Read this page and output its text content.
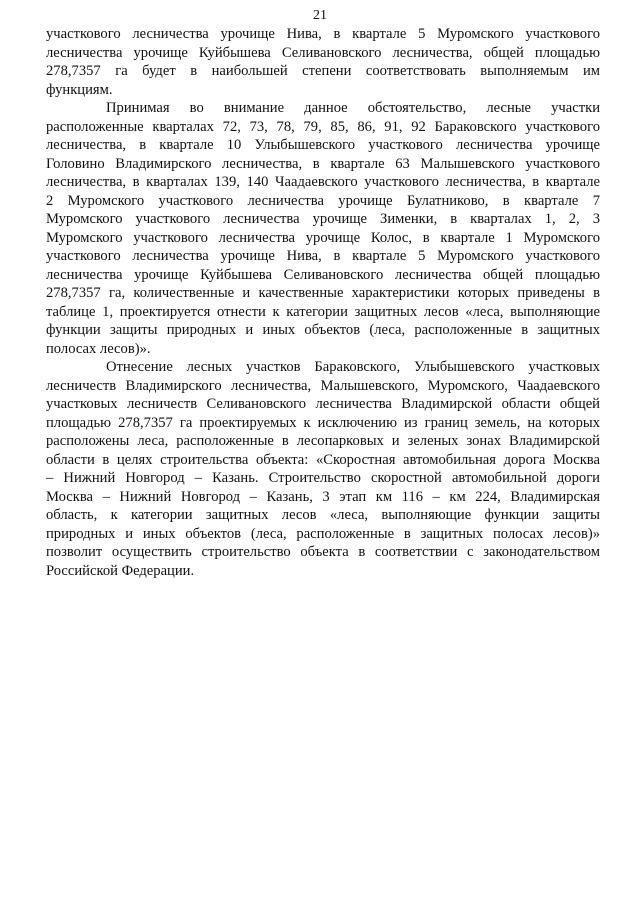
21
участкового лесничества урочище Нива, в квартале 5 Муромского участкового
лесничества урочище Куйбышева Селивановского лесничества, общей площадью
278,7357 га будет в наибольшей степени соответствовать выполняемым им
функциям.
Принимая во внимание данное обстоятельство, лесные участки
расположенные кварталах 72, 73, 78, 79, 85, 86, 91, 92 Бараковского участкового
лесничества, в квартале 10 Улыбышевского участкового лесничества урочище
Головино Владимирского лесничества, в квартале 63 Малышевского участкового
лесничества, в кварталах 139, 140 Чаадаевского участкового лесничества, в квартале
2 Муромского участкового лесничества урочище Булатниково, в квартале 7
Муромского участкового лесничества урочище Зименки, в кварталах 1, 2, 3
Муромского участкового лесничества урочище Колос, в квартале 1 Муромского
участкового лесничества урочище Нива, в квартале 5 Муромского участкового
лесничества урочище Куйбышева Селивановского лесничества общей площадью
278,7357 га, количественные и качественные характеристики которых приведены в
таблице 1, проектируется отнести к категории защитных лесов «леса, выполняющие
функции защиты природных и иных объектов (леса, расположенные в защитных
полосах лесов)».
Отнесение лесных участков Бараковского, Улыбышевского участковых
лесничеств Владимирского лесничества, Малышевского, Муромского, Чаадаевского
участковых лесничеств Селивановского лесничества Владимирской области общей
площадью 278,7357 га проектируемых к исключению из границ земель, на которых
расположены леса, расположенные в лесопарковых и зеленых зонах Владимирской
области в целях строительства объекта: «Скоростная автомобильная дорога Москва
– Нижний Новгород – Казань. Строительство скоростной автомобильной дороги
Москва – Нижний Новгород – Казань, 3 этап км 116 – км 224, Владимирская
область, к категории защитных лесов «леса, выполняющие функции защиты
природных и иных объектов (леса, расположенные в защитных полосах лесов)»
позволит осуществить строительство объекта в соответствии с законодательством
Российской Федерации.
